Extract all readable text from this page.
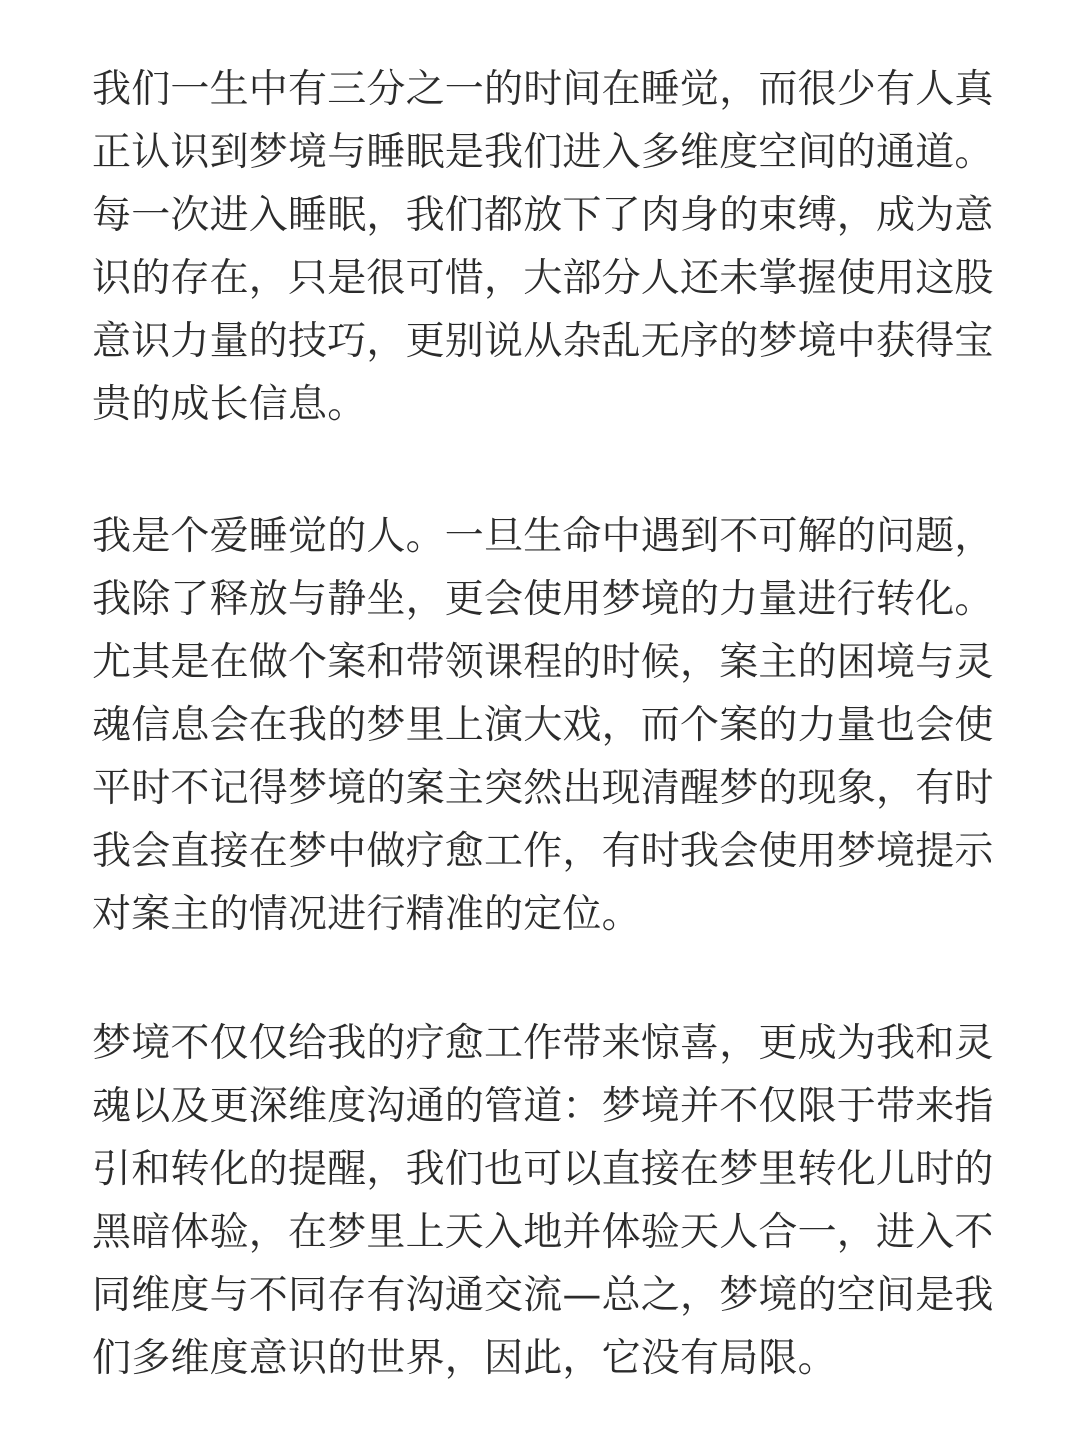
我们一生中有三分之一的时间在睡觉，而很少有人真
正认识到梦境与睡眠是我们进入多维度空间的通道。
每一次进入睡眠，我们都放下了肉身的束缚，成为意
识的存在，只是很可惜，大部分人还未掌握使用这股
意识力量的技巧，更别说从杂乱无序的梦境中获得宝
贵的成长信息。
我是个爱睡觉的人。一旦生命中遇到不可解的问题，
我除了释放与静坐，更会使用梦境的力量进行转化。
尤其是在做个案和带领课程的时候，案主的困境与灵
魂信息会在我的梦里上演大戏，而个案的力量也会使
平时不记得梦境的案主突然出现清醒梦的现象，有时
我会直接在梦中做疗愈工作，有时我会使用梦境提示
对案主的情况进行精准的定位。
梦境不仅仅给我的疗愈工作带来惊喜，更成为我和灵
魂以及更深维度沟通的管道：梦境并不仅限于带来指
引和转化的提醒，我们也可以直接在梦里转化儿时的
黑暗体验，在梦里上天入地并体验天人合一，进入不
同维度与不同存有沟通交流—总之，梦境的空间是我
们多维度意识的世界，因此，它没有局限。
